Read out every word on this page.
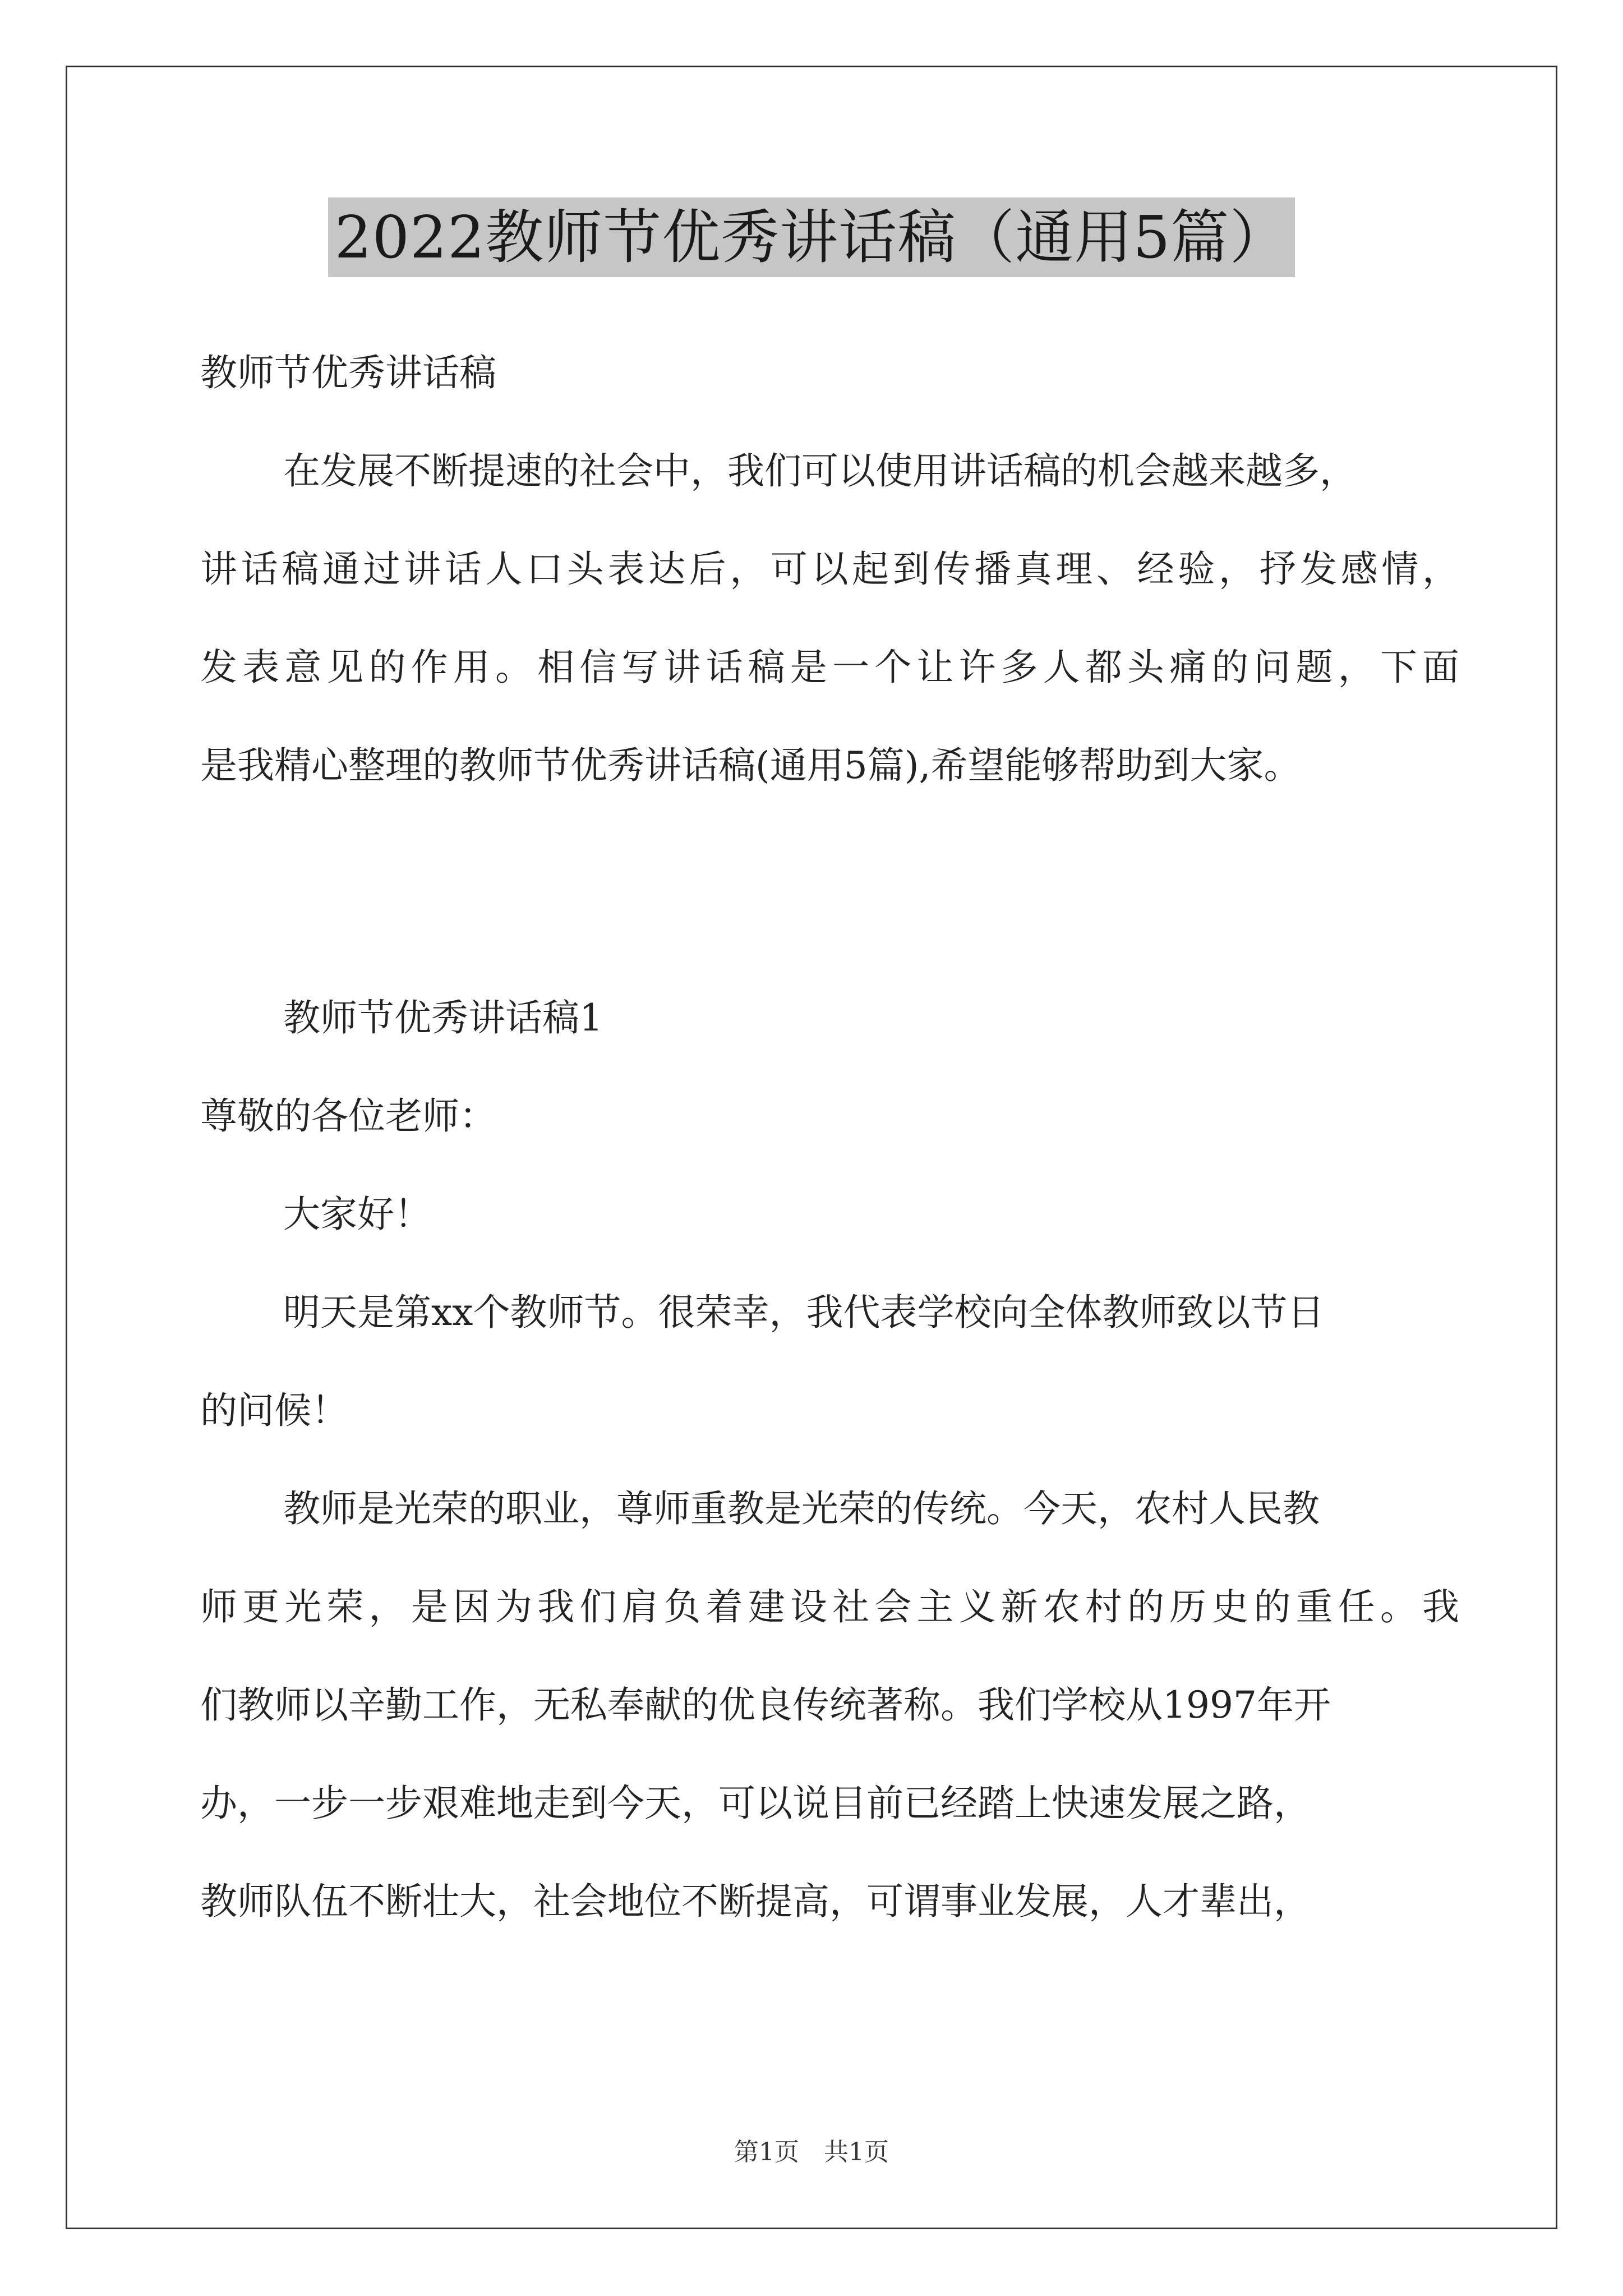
2022教师节优秀讲话稿（通用5篇）

教师节优秀讲话稿

在发展不断提速的社会中，我们可以使用讲话稿的机会越来越多，

讲话稿通过讲话人口头表达后，可以起到传播真理、经验，抒发感情，

发表意见的作用。相信写讲话稿是一个让许多人都头痛的问题，下面

是我精心整理的教师节优秀讲话稿(通用5篇),希望能够帮助到大家。

教师节优秀讲话稿1

尊敬的各位老师：

大家好！

明天是第xx个教师节。很荣幸，我代表学校向全体教师致以节日

的问候！

教师是光荣的职业，尊师重教是光荣的传统。今天，农村人民教

师更光荣，是因为我们肩负着建设社会主义新农村的历史的重任。我

们教师以辛勤工作，无私奉献的优良传统著称。我们学校从1997年开

办，一步一步艰难地走到今天，可以说目前已经踏上快速发展之路，

教师队伍不断壮大，社会地位不断提高，可谓事业发展，人才辈出，

第1页　共1页
